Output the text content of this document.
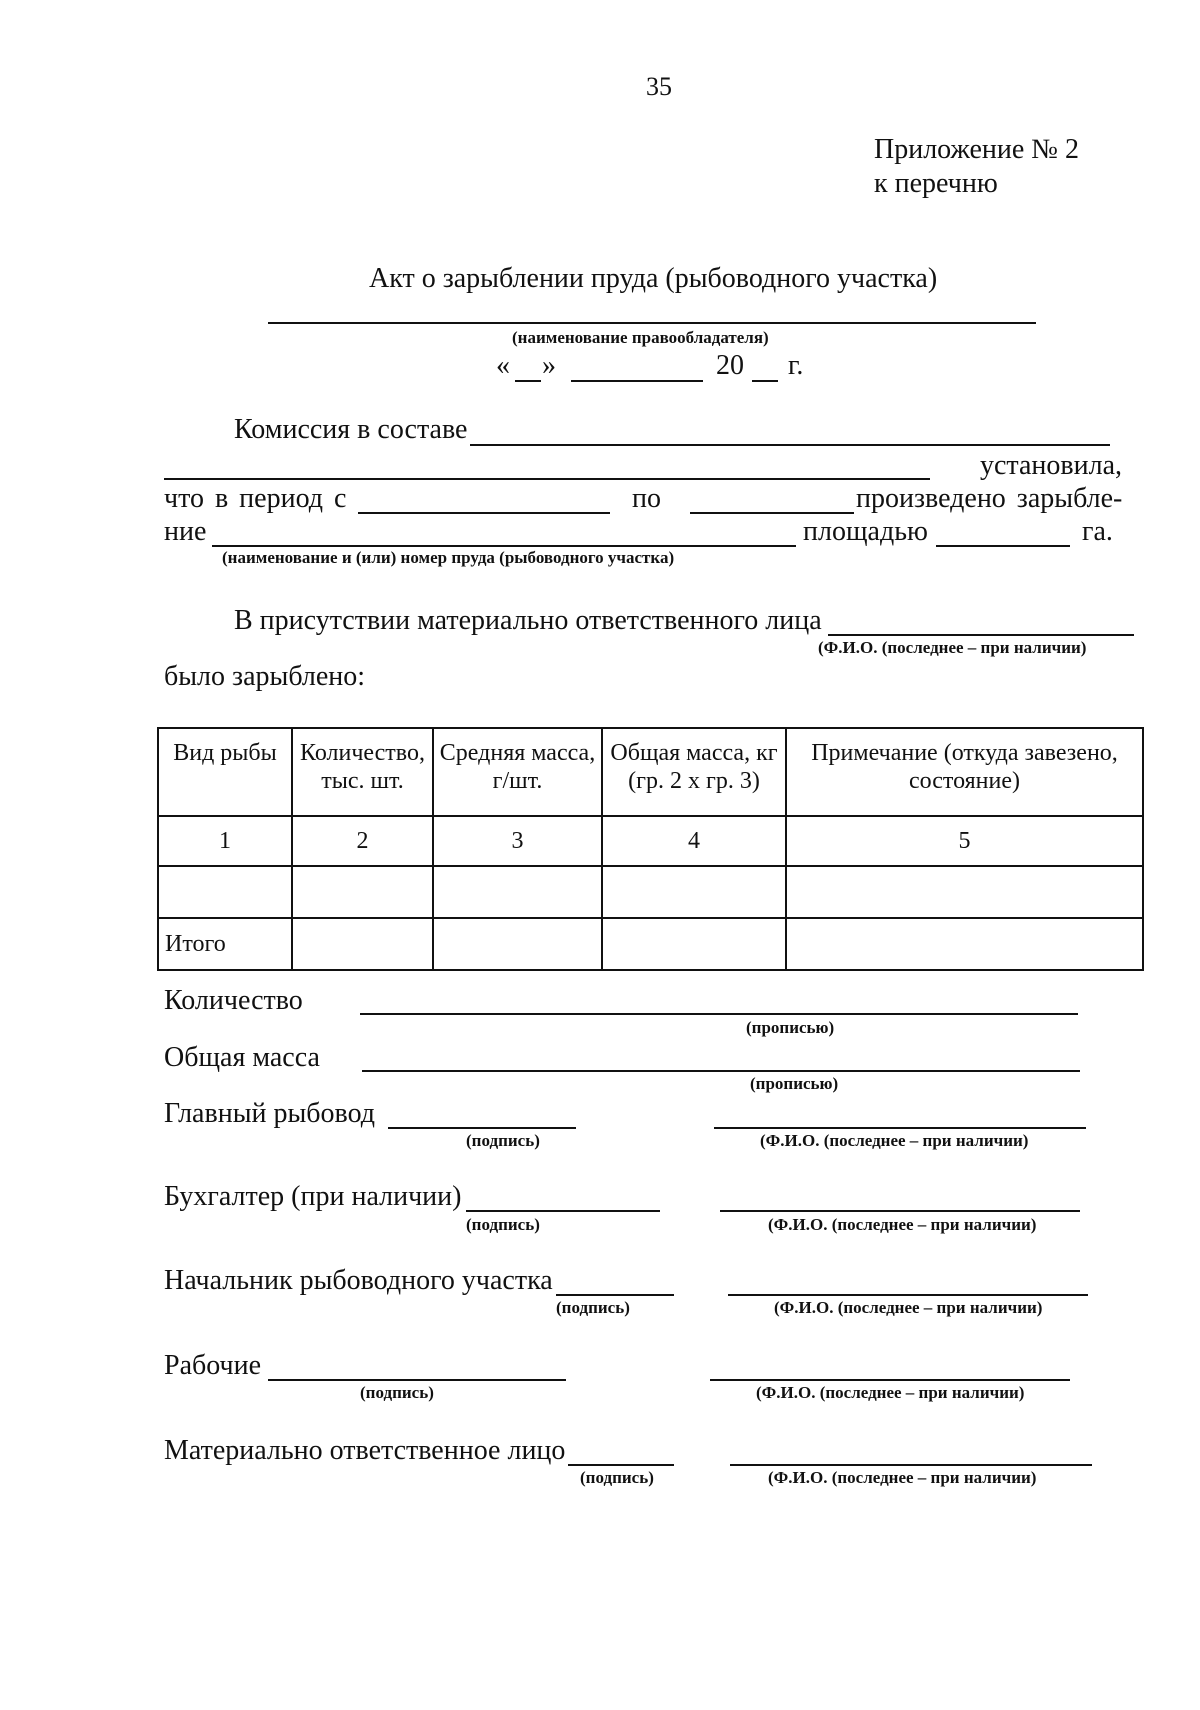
35
Приложение № 2
к перечню
Акт о зарыблении пруда (рыбоводного участка)
(наименование правообладателя)
« »	20 г.
Комиссия в составе
установила,
что в период с	по	произведено зарыбле-
ние	площадью	га.
(наименование и (или) номер пруда (рыбоводного участка)
В присутствии материально ответственного лица
(Ф.И.О. (последнее – при наличии)
было зарыблено:
Вид рыбы	Количество, тыс. шт.	Средняя масса, г/шт.	Общая масса, кг (гр. 2 х гр. 3)	Примечание (откуда завезено, состояние)
1	2	3	4	5

Итого				
Количество
(прописью)
Общая масса
(прописью)
Главный рыбовод
(подпись)	(Ф.И.О. (последнее – при наличии)
Бухгалтер (при наличии)
(подпись)	(Ф.И.О. (последнее – при наличии)
Начальник рыбоводного участка
(подпись)	(Ф.И.О. (последнее – при наличии)
Рабочие
(подпись)	(Ф.И.О. (последнее – при наличии)
Материально ответственное лицо
(подпись)	(Ф.И.О. (последнее – при наличии)
